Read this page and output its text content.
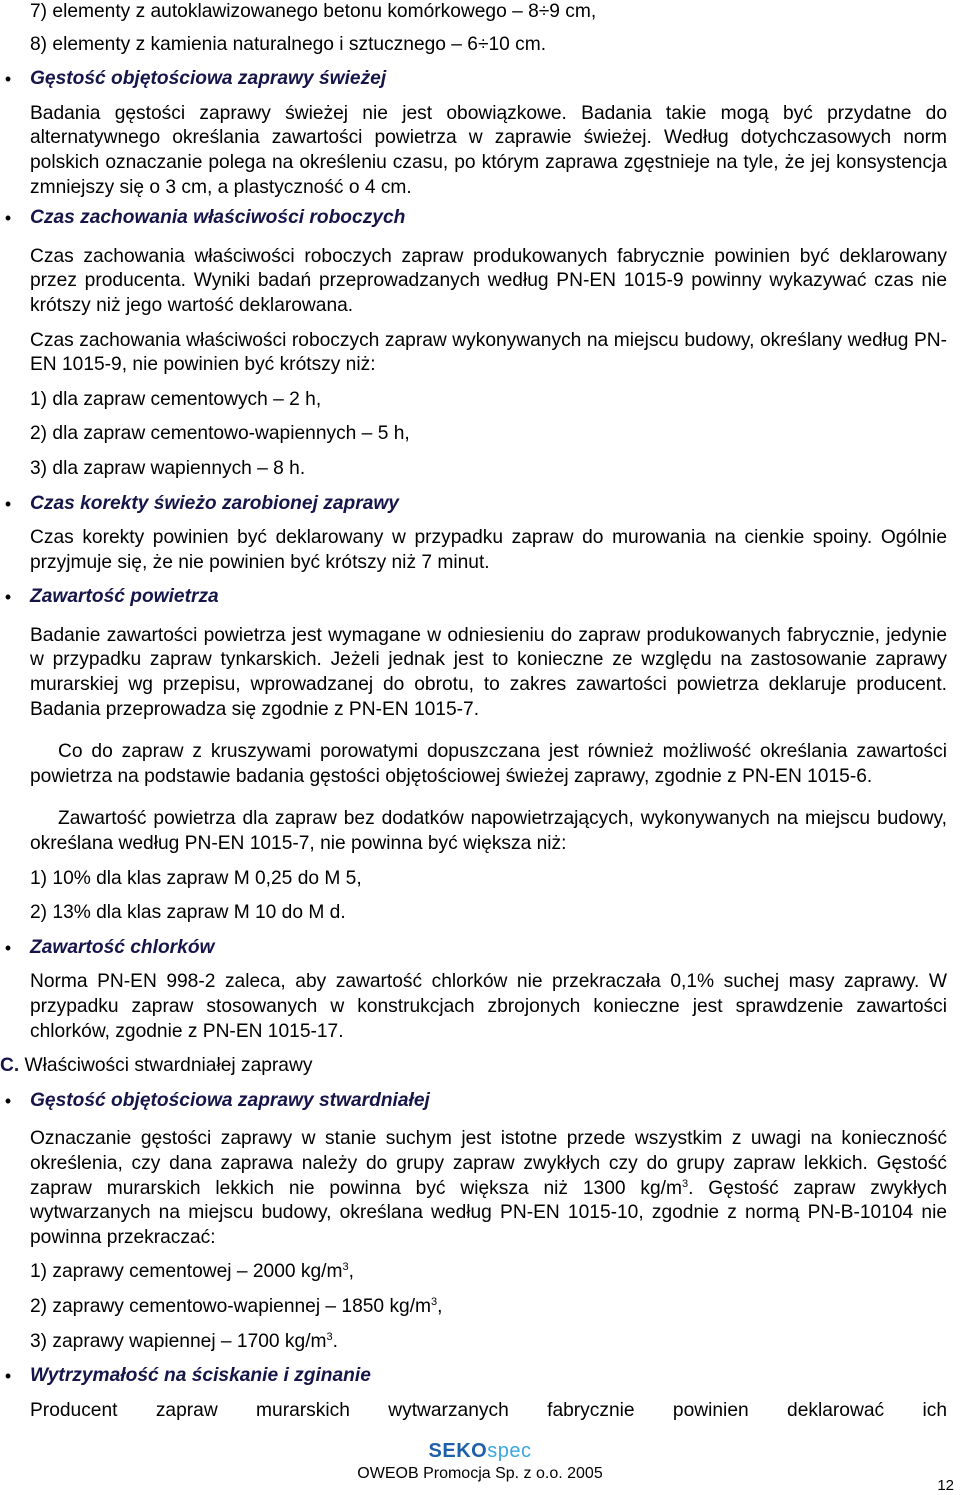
7) elementy z autoklawizowanego betonu komórkowego – 8÷9 cm,

8) elementy z kamienia naturalnego i sztucznego – 6÷10 cm.

• Gęstość objętościowa zaprawy świeżej

Badania gęstości zaprawy świeżej nie jest obowiązkowe. Badania takie mogą być przydatne do alternatywnego określania zawartości powietrza w zaprawie świeżej. Według dotychczasowych norm polskich oznaczanie polega na określeniu czasu, po którym zaprawa zgęstnieje na tyle, że jej konsystencja zmniejszy się o 3 cm, a plastyczność o 4 cm.

• Czas zachowania właściwości roboczych

Czas zachowania właściwości roboczych zapraw produkowanych fabrycznie powinien być deklarowany przez producenta. Wyniki badań przeprowadzanych według PN-EN 1015-9 powinny wykazywać czas nie krótszy niż jego wartość deklarowana.

Czas zachowania właściwości roboczych zapraw wykonywanych na miejscu budowy, określany według PN-EN 1015-9, nie powinien być krótszy niż:

1) dla zapraw cementowych – 2 h,

2) dla zapraw cementowo-wapiennych – 5 h,

3) dla zapraw wapiennych – 8 h.

• Czas korekty świeżo zarobionej zaprawy

Czas korekty powinien być deklarowany w przypadku zapraw do murowania na cienkie spoiny. Ogólnie przyjmuje się, że nie powinien być krótszy niż 7 minut.

• Zawartość powietrza

Badanie zawartości powietrza jest wymagane w odniesieniu do zapraw produkowanych fabrycznie, jedynie w przypadku zapraw tynkarskich. Jeżeli jednak jest to konieczne ze względu na zastosowanie zaprawy murarskiej wg przepisu, wprowadzanej do obrotu, to zakres zawartości powietrza deklaruje producent. Badania przeprowadza się zgodnie z PN-EN 1015-7.

Co do zapraw z kruszywami porowatymi dopuszczana jest również możliwość określania zawartości powietrza na podstawie badania gęstości objętościowej świeżej zaprawy, zgodnie z PN-EN 1015-6.

Zawartość powietrza dla zapraw bez dodatków napowietrzających, wykonywanych na miejscu budowy, określana według PN-EN 1015-7, nie powinna być większa niż:

1) 10% dla klas zapraw M 0,25 do M 5,

2) 13% dla klas zapraw M 10 do M d.

• Zawartość chlorków

Norma PN-EN 998-2 zaleca, aby zawartość chlorków nie przekraczała 0,1% suchej masy zaprawy. W przypadku zapraw stosowanych w konstrukcjach zbrojonych konieczne jest sprawdzenie zawartości chlorków, zgodnie z PN-EN 1015-17.

C. Właściwości stwardniałej zaprawy

• Gęstość objętościowa zaprawy stwardniałej

Oznaczanie gęstości zaprawy w stanie suchym jest istotne przede wszystkim z uwagi na konieczność określenia, czy dana zaprawa należy do grupy zapraw zwykłych czy do grupy zapraw lekkich. Gęstość zapraw murarskich lekkich nie powinna być większa niż 1300 $kg/m^3$. Gęstość zapraw zwykłych wytwarzanych na miejscu budowy, określana według PN-EN 1015-10, zgodnie z normą PN-B-10104 nie powinna przekraczać:

1) zaprawy cementowej – 2000 $kg/m^3$,

2) zaprawy cementowo-wapiennej – 1850 $kg/m^3$,

3) zaprawy wapiennej – 1700 $kg/m^3$.

• Wytrzymałość na ściskanie i zginanie

Producent zapraw murarskich wytwarzanych fabrycznie powinien deklarować ich

SEKOspec
OWEOB Promocja Sp. z o.o. 2005
12
